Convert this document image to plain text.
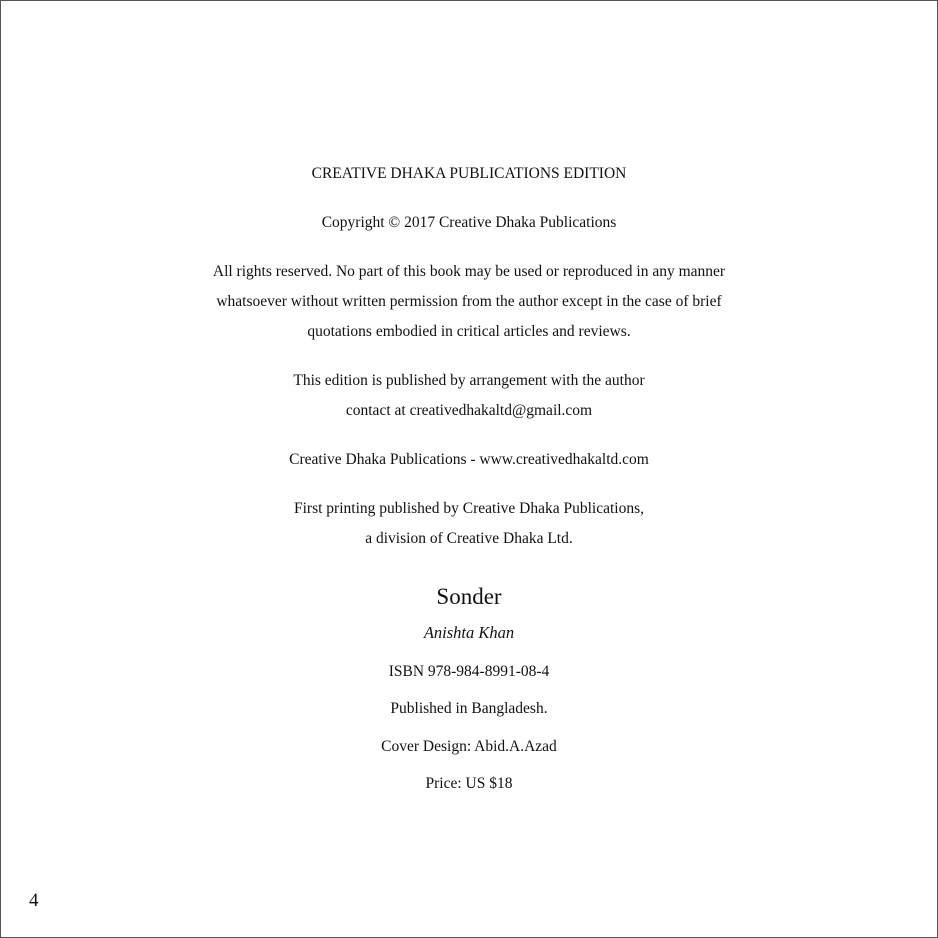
CREATIVE DHAKA PUBLICATIONS EDITION
Copyright © 2017 Creative Dhaka Publications
All rights reserved. No part of this book may be used or reproduced in any manner
whatsoever without written permission from the author except in the case of brief
quotations embodied in critical articles and reviews.
This edition is published by arrangement with the author
contact at creativedhakaltd@gmail.com
Creative Dhaka Publications - www.creativedhakaltd.com
First printing published by Creative Dhaka Publications,
a division of Creative Dhaka Ltd.
Sonder
Anishta Khan
ISBN 978-984-8991-08-4
Published in Bangladesh.
Cover Design: Abid.A.Azad
Price: US $18
4
